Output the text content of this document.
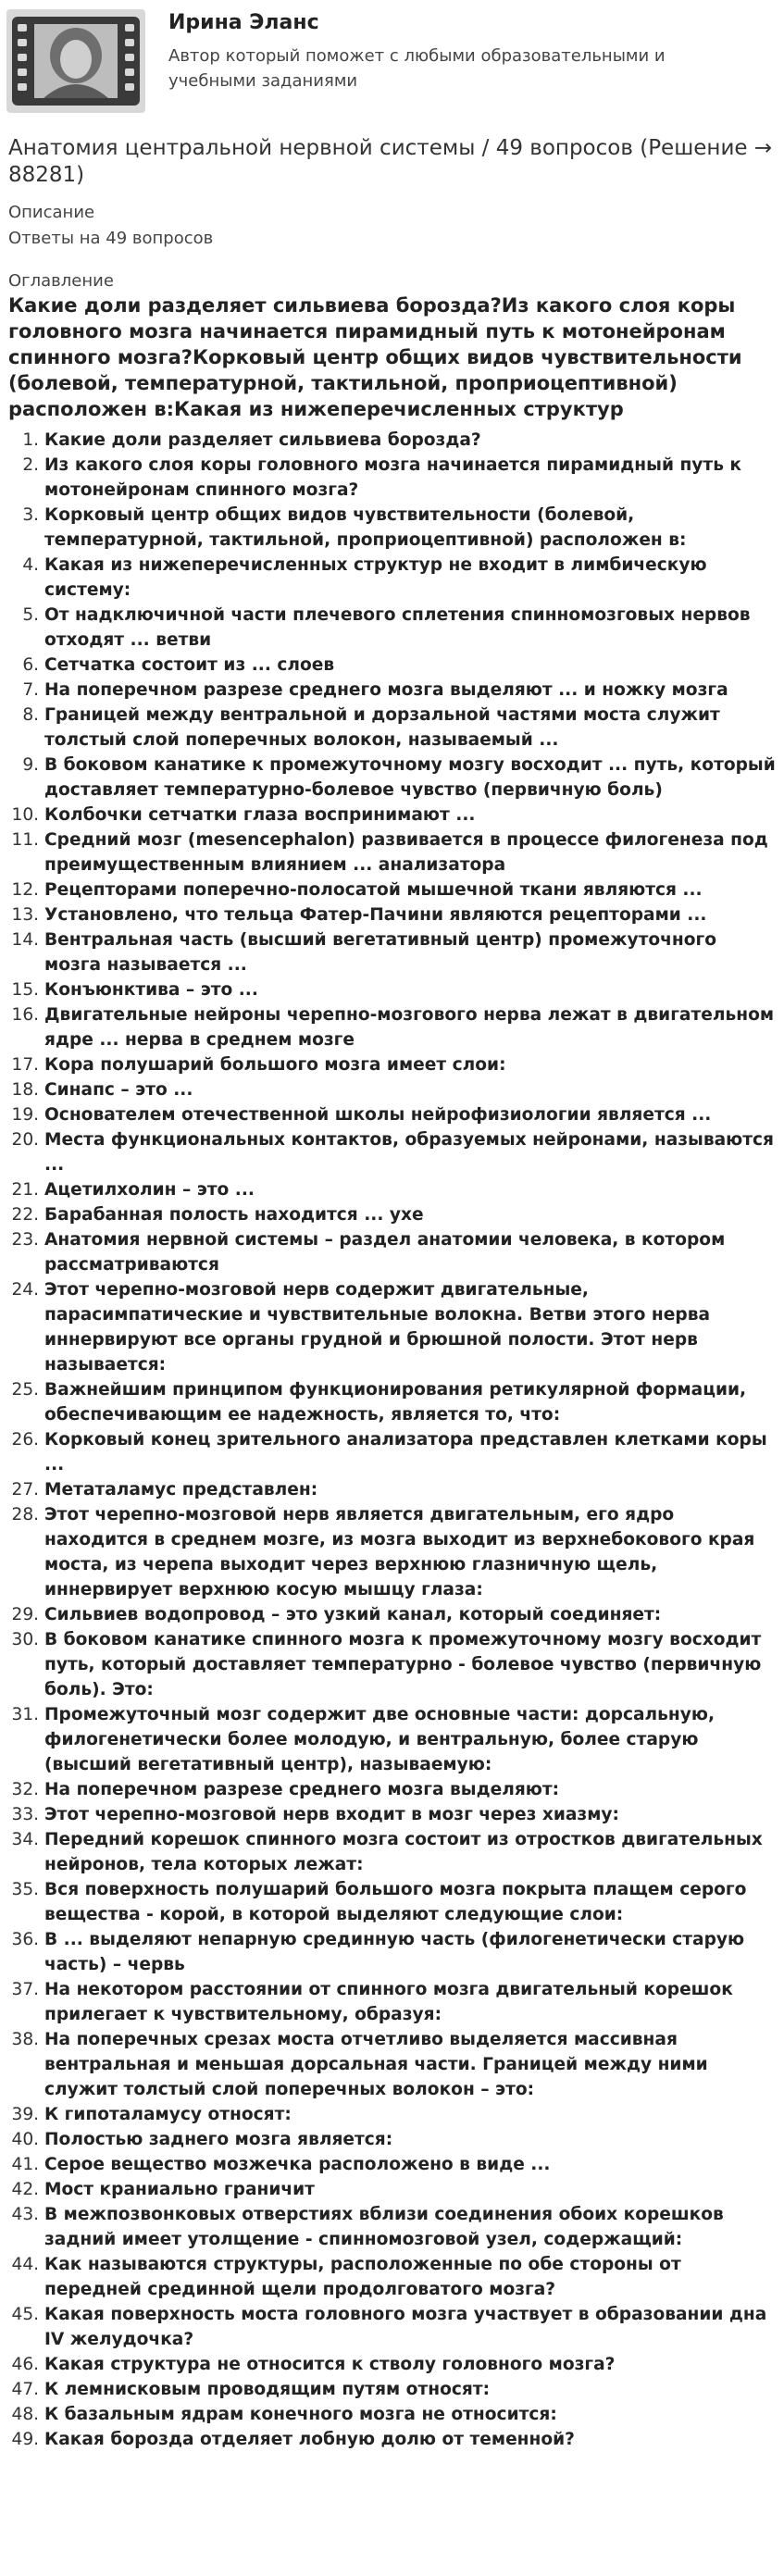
Ирина Эланс
Автор который поможет с любыми образовательными и учебными заданиями
Анатомия центральной нервной системы / 49 вопросов (Решение → 88281)
Описание
Ответы на 49 вопросов
Оглавление
Какие доли разделяет сильвиева борозда?Из какого слоя коры головного мозга начинается пирамидный путь к мотонейронам спинного мозга?Корковый центр общих видов чувствительности (болевой, температурной, тактильной, проприоцептивной) расположен в:Какая из нижеперечисленных структур
1. Какие доли разделяет сильвиева борозда?
2. Из какого слоя коры головного мозга начинается пирамидный путь к мотонейронам спинного мозга?
3. Корковый центр общих видов чувствительности (болевой, температурной, тактильной, проприоцептивной) расположен в:
4. Какая из нижеперечисленных структур не входит в лимбическую систему:
5. От надключичной части плечевого сплетения спинномозговых нервов отходят ... ветви
6. Сетчатка состоит из ... слоев
7. На поперечном разрезе среднего мозга выделяют ... и ножку мозга
8. Границей между вентральной и дорзальной частями моста служит толстый слой поперечных волокон, называемый ...
9. В боковом канатике к промежуточному мозгу восходит ... путь, который доставляет температурно-болевое чувство (первичную боль)
10. Колбочки сетчатки глаза воспринимают ...
11. Средний мозг (mesencephalon) развивается в процессе филогенеза под преимущественным влиянием ... анализатора
12. Рецепторами поперечно-полосатой мышечной ткани являются ...
13. Установлено, что тельца Фатер-Пачини являются рецепторами ...
14. Вентральная часть (высший вегетативный центр) промежуточного мозга называется ...
15. Конъюнктива – это ...
16. Двигательные нейроны черепно-мозгового нерва лежат в двигательном ядре ... нерва в среднем мозге
17. Кора полушарий большого мозга имеет слои:
18. Синапс – это ...
19. Основателем отечественной школы нейрофизиологии является ...
20. Места функциональных контактов, образуемых нейронами, называются ...
21. Ацетилхолин – это ...
22. Барабанная полость находится ... ухе
23. Анатомия нервной системы – раздел анатомии человека, в котором рассматриваются
24. Этот черепно-мозговой нерв содержит двигательные, парасимпатические и чувствительные волокна. Ветви этого нерва иннервируют все органы грудной и брюшной полости. Этот нерв называется:
25. Важнейшим принципом функционирования ретикулярной формации, обеспечивающим ее надежность, является то, что:
26. Корковый конец зрительного анализатора представлен клетками коры ...
27. Метаталамус представлен:
28. Этот черепно-мозговой нерв является двигательным, его ядро находится в среднем мозге, из мозга выходит из верхнебокового края моста, из черепа выходит через верхнюю глазничную щель, иннервирует верхнюю косую мышцу глаза:
29. Сильвиев водопровод – это узкий канал, который соединяет:
30. В боковом канатике спинного мозга к промежуточному мозгу восходит путь, который доставляет температурно - болевое чувство (первичную боль). Это:
31. Промежуточный мозг содержит две основные части: дорсальную, филогенетически более молодую, и вентральную, более старую (высший вегетативный центр), называемую:
32. На поперечном разрезе среднего мозга выделяют:
33. Этот черепно-мозговой нерв входит в мозг через хиазму:
34. Передний корешок спинного мозга состоит из отростков двигательных нейронов, тела которых лежат:
35. Вся поверхность полушарий большого мозга покрыта плащем серого вещества - корой, в которой выделяют следующие слои:
36. В ... выделяют непарную срединную часть (филогенетически старую часть) – червь
37. На некотором расстоянии от спинного мозга двигательный корешок прилегает к чувствительному, образуя:
38. На поперечных срезах моста отчетливо выделяется массивная вентральная и меньшая дорсальная части. Границей между ними служит толстый слой поперечных волокон – это:
39. К гипоталамусу относят:
40. Полостью заднего мозга является:
41. Серое вещество мозжечка расположено в виде ...
42. Мост краниально граничит
43. В межпозвонковых отверстиях вблизи соединения обоих корешков задний имеет утолщение - спинномозговой узел, содержащий:
44. Как называются структуры, расположенные по обе стороны от передней срединной щели продолговатого мозга?
45. Какая поверхность моста головного мозга участвует в образовании дна IV желудочка?
46. Какая структура не относится к стволу головного мозга?
47. К лемнисковым проводящим путям относят:
48. К базальным ядрам конечного мозга не относится:
49. Какая борозда отделяет лобную долю от теменной?
